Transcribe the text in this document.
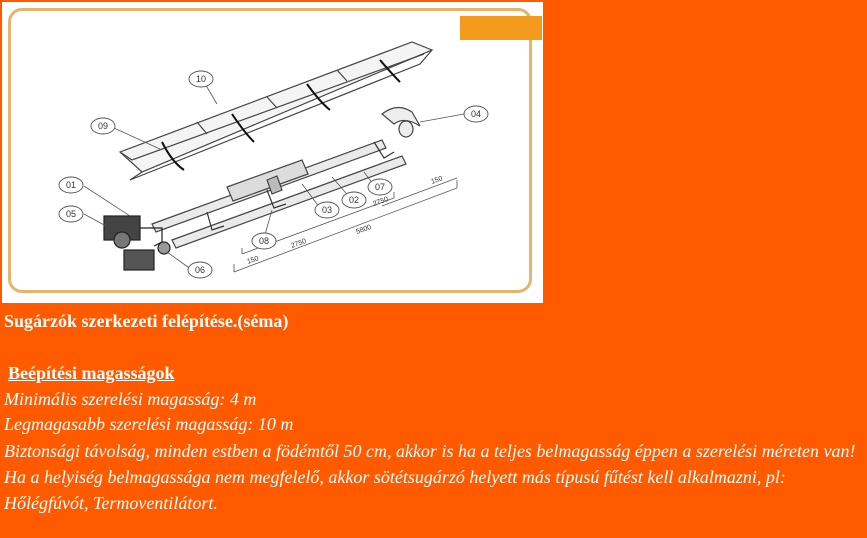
01
05
06
08
03
02
07
04
09
10
150
2750
5800
2750
150
Sugárzók szerkezeti felépítése.(séma)
Beépítési magasságok
Minimális szerelési magasság: 4 m
Legmagasabb szerelési magasság: 10 m
Biztonsági távolság, minden estben a födémtől 50 cm, akkor is ha a teljes belmagasság éppen a szerelési méreten van! Ha a helyiség belmagassága nem megfelelő, akkor sötétsugárzó helyett más típusú fűtést kell alkalmazni, pl: Hőlégfúvót, Termoventilátort.
